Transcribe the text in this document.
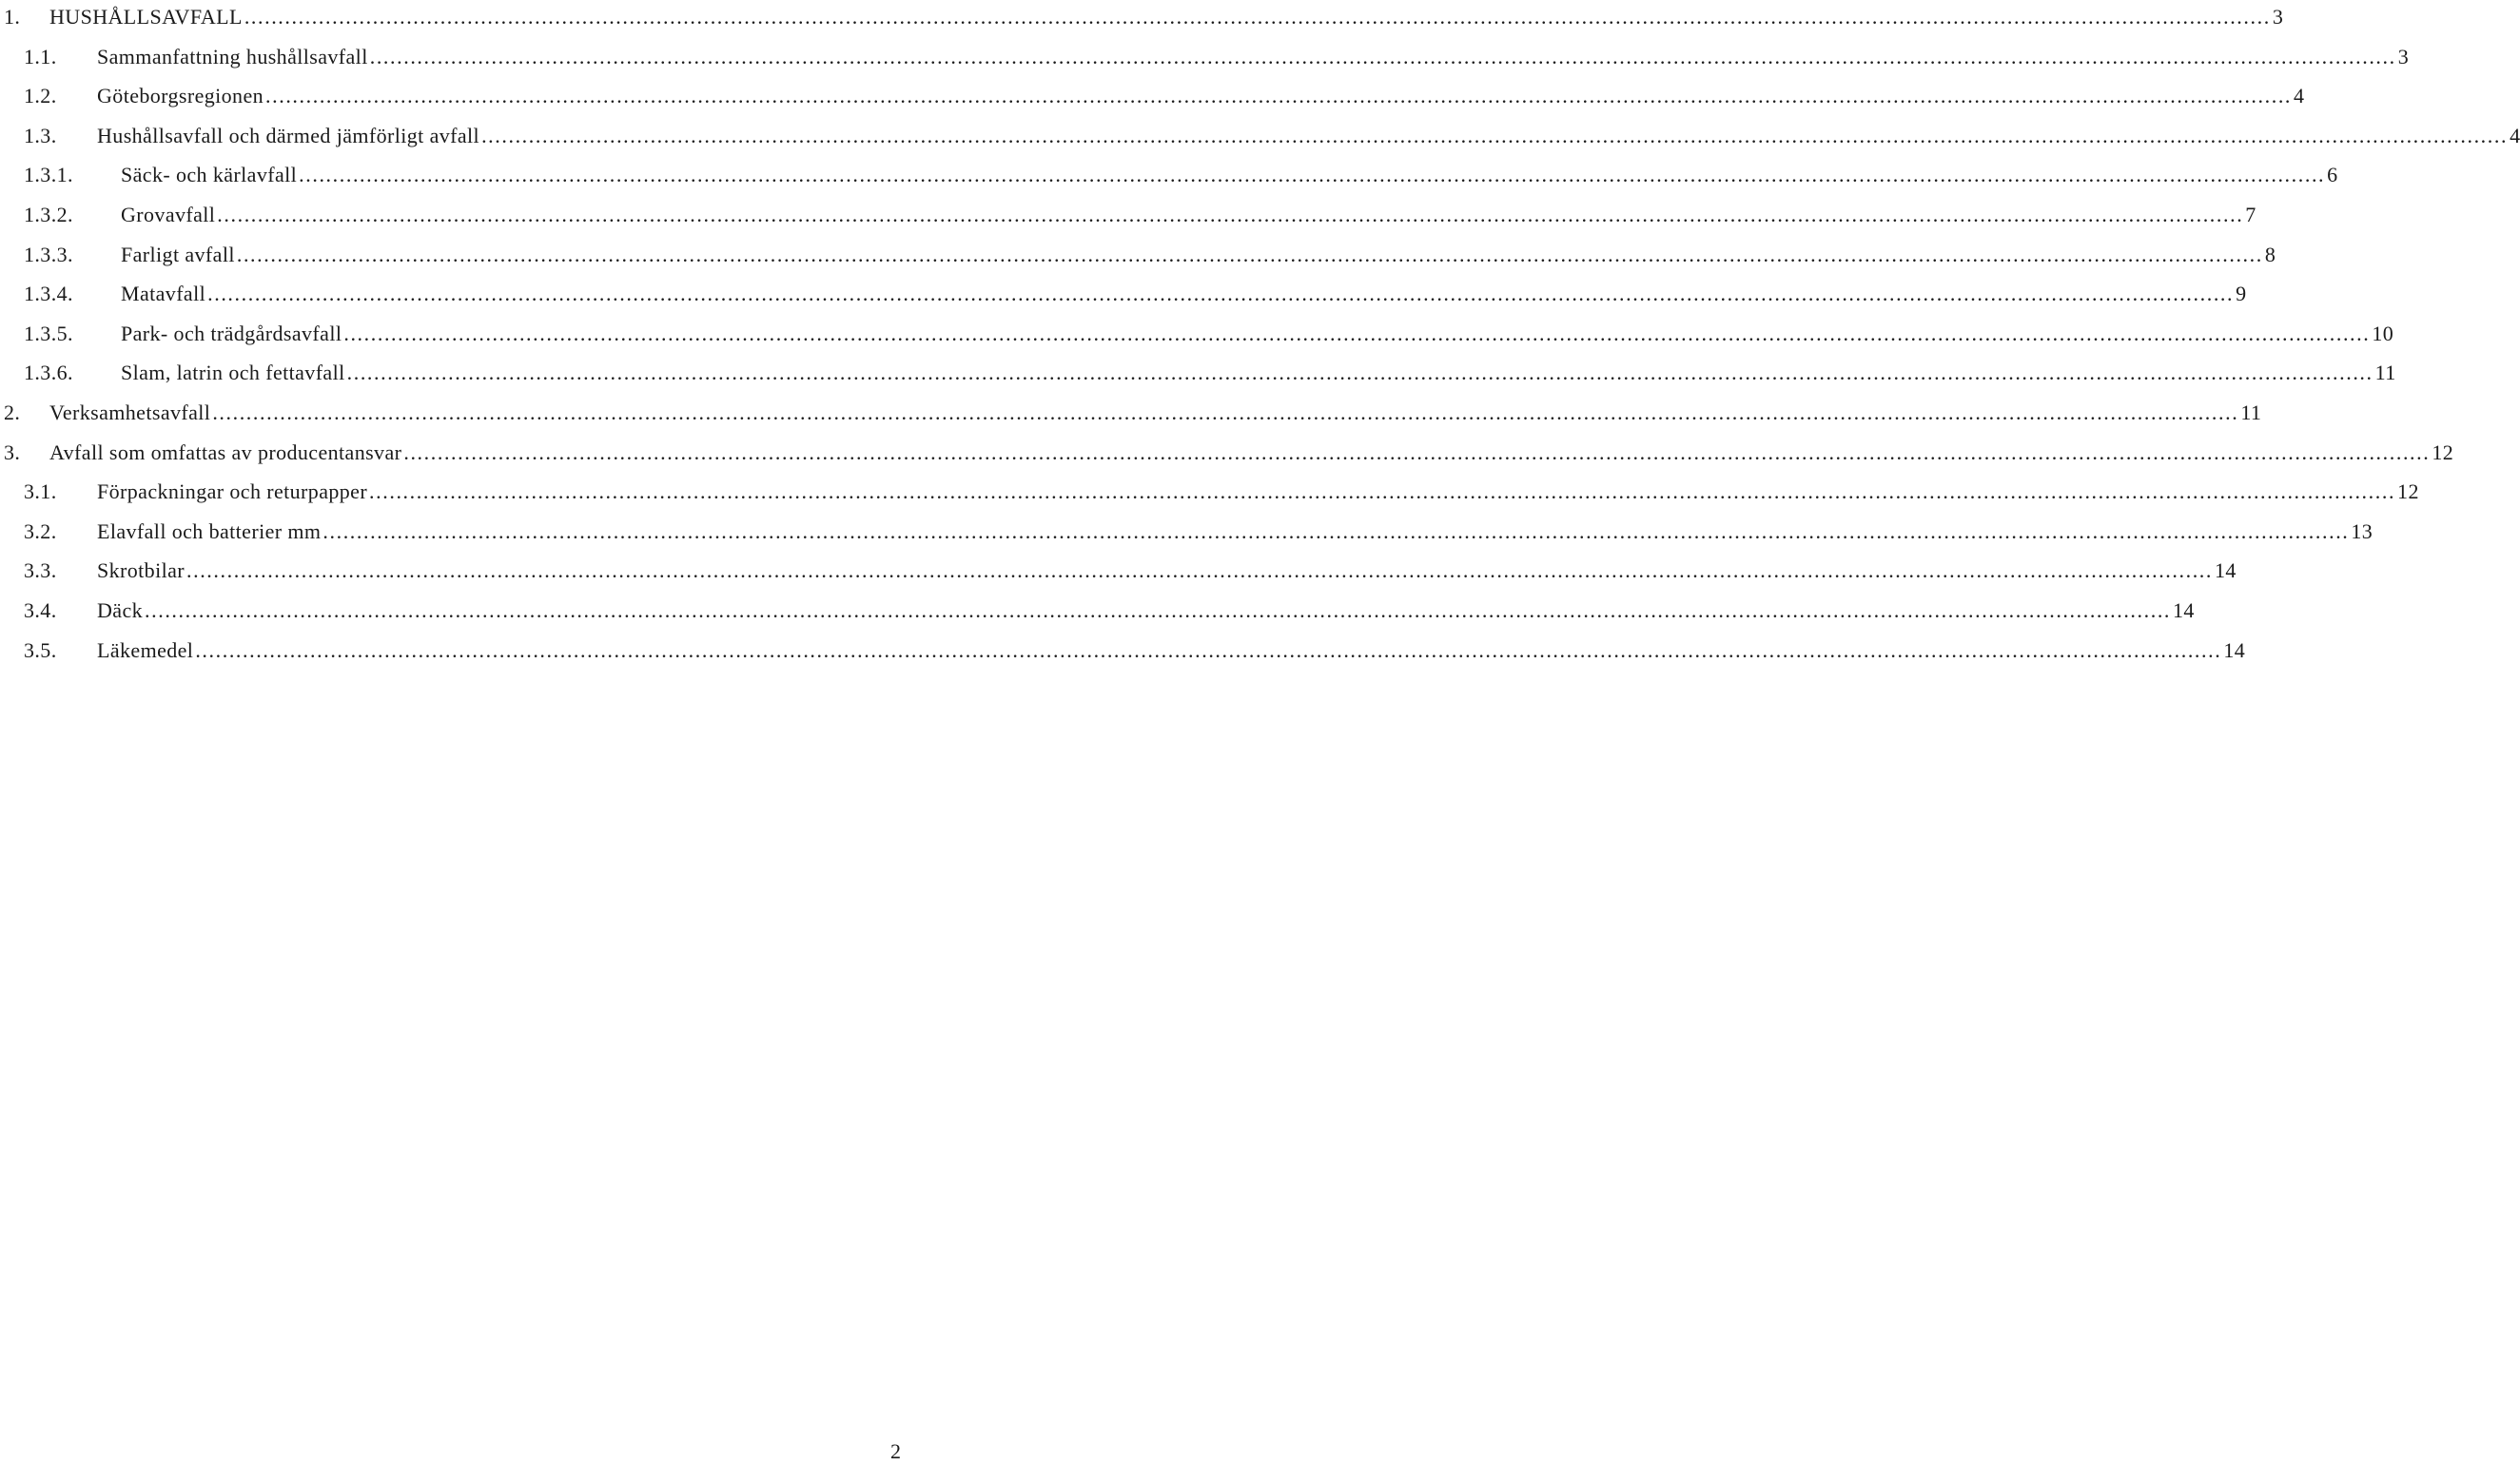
1. HUSHÅLLSAVFALL ............................................................................................................................................................................................................................................................................................................ 3
1.1. Sammanfattning hushållsavfall ............................................................................................................................................................................................................................................................................................................ 3
1.2. Göteborgsregionen ............................................................................................................................................................................................................................................................................................................ 4
1.3. Hushållsavfall och därmed jämförligt avfall ............................................................................................................................................................................................................................................................................................................ 4
1.3.1. Säck- och kärlavfall ............................................................................................................................................................................................................................................................................................................ 6
1.3.2. Grovavfall ............................................................................................................................................................................................................................................................................................................ 7
1.3.3. Farligt avfall ............................................................................................................................................................................................................................................................................................................ 8
1.3.4. Matavfall ............................................................................................................................................................................................................................................................................................................ 9
1.3.5. Park- och trädgårdsavfall ............................................................................................................................................................................................................................................................................................................ 10
1.3.6. Slam, latrin och fettavfall ............................................................................................................................................................................................................................................................................................................ 11
2. Verksamhetsavfall ............................................................................................................................................................................................................................................................................................................ 11
3. Avfall som omfattas av producentansvar ............................................................................................................................................................................................................................................................................................................ 12
3.1. Förpackningar och returpapper ............................................................................................................................................................................................................................................................................................................ 12
3.2. Elavfall och batterier mm ............................................................................................................................................................................................................................................................................................................ 13
3.3. Skrotbilar ............................................................................................................................................................................................................................................................................................................ 14
3.4. Däck ............................................................................................................................................................................................................................................................................................................ 14
3.5. Läkemedel ............................................................................................................................................................................................................................................................................................................ 14
2
